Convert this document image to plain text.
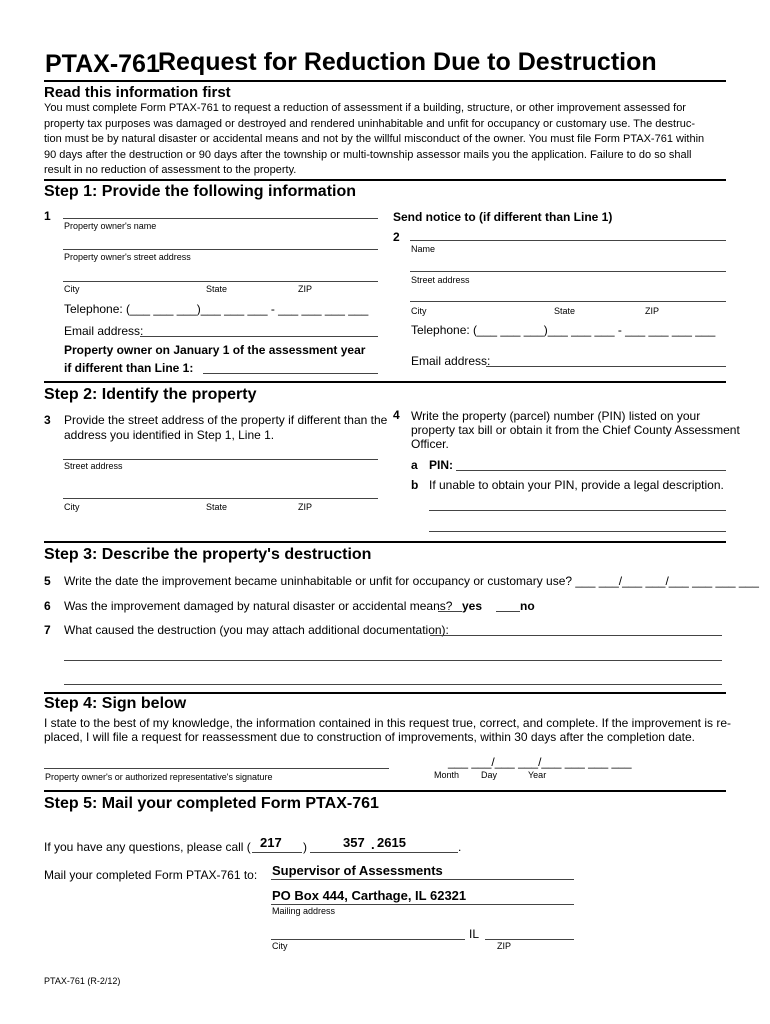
PTAX-761
Request for Reduction Due to Destruction
Read this information first
You must complete Form PTAX-761 to request a reduction of assessment if a building, structure, or other improvement assessed for
property tax purposes was damaged or destroyed and rendered uninhabitable and unfit for occupancy or customary use. The destruc-
tion must be by natural disaster or accidental means and not by the willful misconduct of the owner. You must file Form PTAX-761 within
90 days after the destruction or 90 days after the township or multi-township assessor mails you the application. Failure to do so shall
result in no reduction of assessment to the property.
Step 1: Provide the following information
1
Property owner's name
Property owner's street address
City	State	ZIP
Telephone: (___ ___ ___)___ ___ ___ - ___ ___ ___ ___
Email address:
Property owner on January 1 of the assessment year
if different than Line 1:
Send notice to (if different than Line 1)
2
Name
Street address
City	State	ZIP
Telephone: (___ ___ ___)___ ___ ___ - ___ ___ ___ ___
Email address:
Step 2: Identify the property
3 Provide the street address of the property if different than the
address you identified in Step 1, Line 1.
Street address
City	State	ZIP
4 Write the property (parcel) number (PIN) listed on your
property tax bill or obtain it from the Chief County Assessment
Officer.
a PIN:
b If unable to obtain your PIN, provide a legal description.
Step 3: Describe the property's destruction
5 Write the date the improvement became uninhabitable or unfit for occupancy or customary use? ___ ___/___ ___/___ ___ ___ ___
6 Was the improvement damaged by natural disaster or accidental means? yes	no
7 What caused the destruction (you may attach additional documentation):
Step 4: Sign below
I state to the best of my knowledge, the information contained in this request true, correct, and complete. If the improvement is re-
placed, I will file a request for reassessment due to construction of improvements, within 30 days after the completion date.
Property owner's or authorized representative's signature
___ ___/___ ___/___ ___ ___ ___
Month Day	Year
Step 5: Mail your completed Form PTAX-761
If you have any questions, please call ( 217 )	357 . 2615	.
Mail your completed Form PTAX-761 to: Supervisor of Assessments
PO Box 444, Carthage, IL 62321
Mailing address
IL
City	ZIP
PTAX-761 (R-2/12)
